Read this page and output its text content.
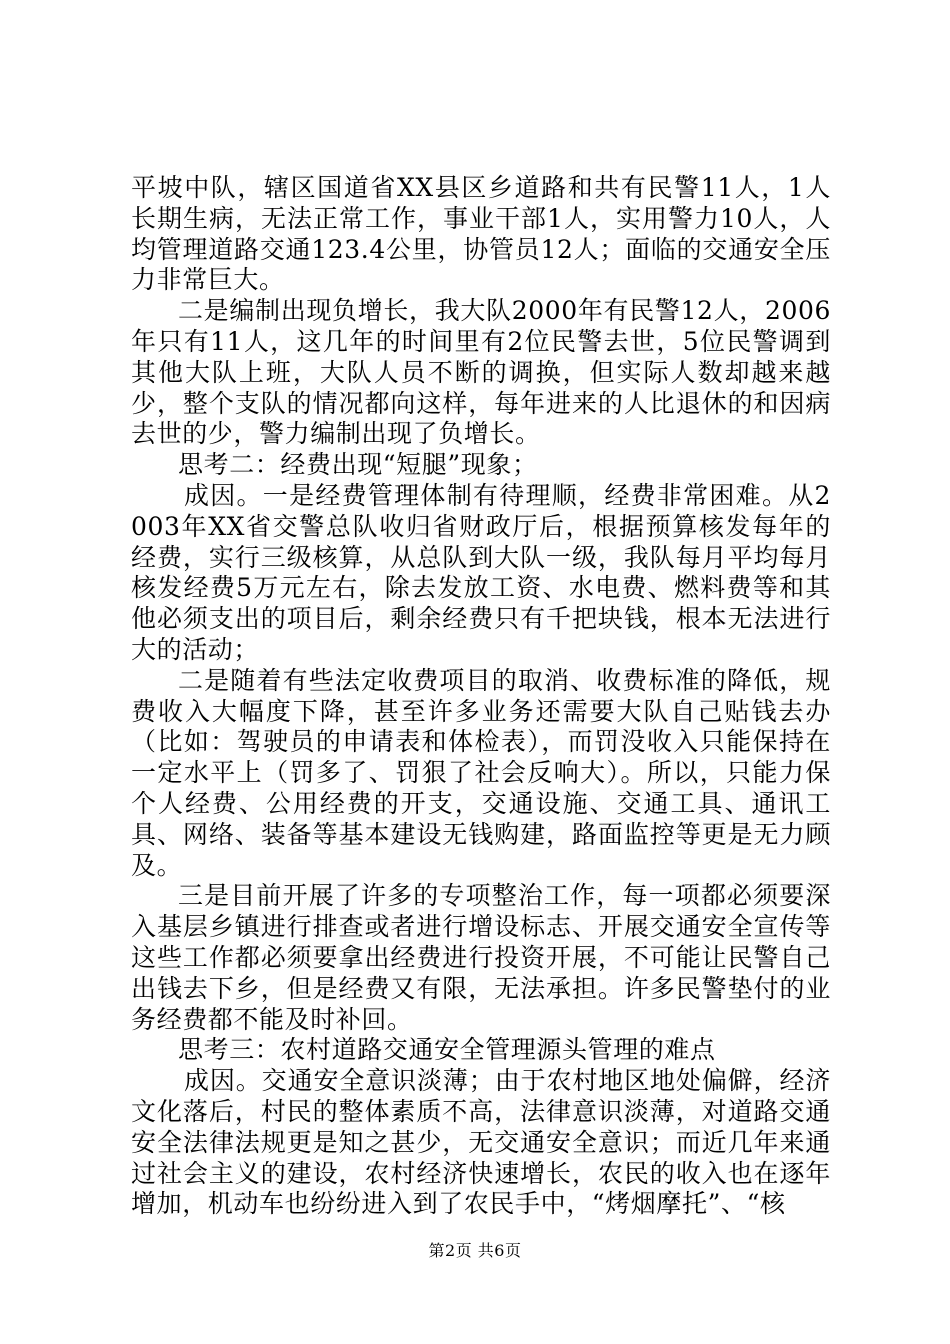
平坡中队，辖区国道省XX县区乡道路和共有民警11人，1人长期生病，无法正常工作，事业干部1人，实用警力10人，人均管理道路交通123.4公里，协管员12人；面临的交通安全压力非常巨大。

二是编制出现负增长，我大队2000年有民警12人，2006年只有11人，这几年的时间里有2位民警去世，5位民警调到其他大队上班，大队人员不断的调换，但实际人数却越来越少，整个支队的情况都向这样，每年进来的人比退休的和因病去世的少，警力编制出现了负增长。

思考二：经费出现“短腿”现象；

成因。一是经费管理体制有待理顺，经费非常困难。从2003年XX省交警总队收归省财政厅后，根据预算核发每年的经费，实行三级核算，从总队到大队一级，我队每月平均每月核发经费5万元左右，除去发放工资、水电费、燃料费等和其他必须支出的项目后，剩余经费只有千把块钱，根本无法进行大的活动；

二是随着有些法定收费项目的取消、收费标准的降低，规费收入大幅度下降，甚至许多业务还需要大队自己贴钱去办（比如：驾驶员的申请表和体检表），而罚没收入只能保持在一定水平上（罚多了、罚狠了社会反响大）。所以，只能力保个人经费、公用经费的开支，交通设施、交通工具、通讯工具、网络、装备等基本建设无钱购建，路面监控等更是无力顾及。

三是目前开展了许多的专项整治工作，每一项都必须要深入基层乡镇进行排查或者进行增设标志、开展交通安全宣传等这些工作都必须要拿出经费进行投资开展，不可能让民警自己出钱去下乡，但是经费又有限，无法承担。许多民警垫付的业务经费都不能及时补回。

思考三：农村道路交通安全管理源头管理的难点

成因。交通安全意识淡薄；由于农村地区地处偏僻，经济文化落后，村民的整体素质不高，法律意识淡薄，对道路交通安全法律法规更是知之甚少，无交通安全意识；而近几年来通过社会主义的建设，农村经济快速增长，农民的收入也在逐年增加，机动车也纷纷进入到了农民手中，“烤烟摩托”、“核

第2页 共6页
